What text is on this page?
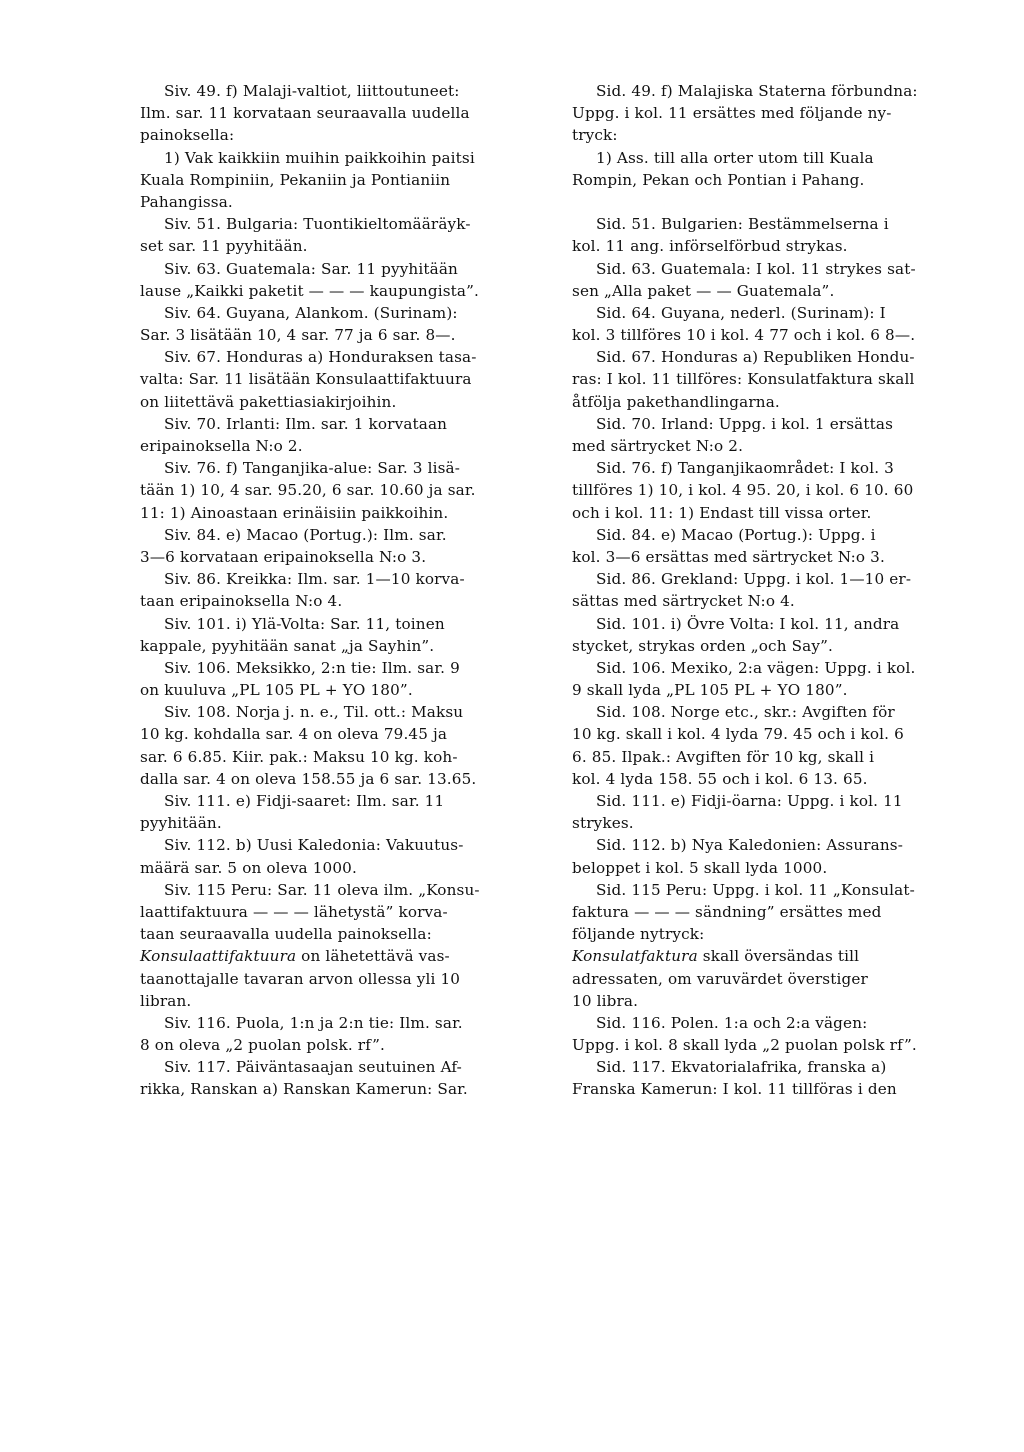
Siv. 49. f) Malaji-valtiot, liittoutuneet:
Ilm. sar. 11 korvataan seuraavalla uudella
painoksella:
1) Vak kaikkiin muihin paikkoihin paitsi
Kuala Rompiniin, Pekaniin ja Pontianiin
Pahangissa.
Siv. 51. Bulgaria: Tuontikieltomääräyk-
set sar. 11 pyyhitään.
Siv. 63. Guatemala: Sar. 11 pyyhitään
lause „Kaikki paketit — — — kaupungista”.
Siv. 64. Guyana, Alankom. (Surinam):
Sar. 3 lisätään 10, 4 sar. 77 ja 6 sar. 8—.
Siv. 67. Honduras a) Honduraksen tasa-
valta: Sar. 11 lisätään Konsulaattifaktuura
on liitettävä pakettiasiakirjoihin.
Siv. 70. Irlanti: Ilm. sar. 1 korvataan
eripainoksella N:o 2.
Siv. 76. f) Tanganjika-alue: Sar. 3 lisä-
tään 1) 10, 4 sar. 95.20, 6 sar. 10.60 ja sar.
11: 1) Ainoastaan erinäisiin paikkoihin.
Siv. 84. e) Macao (Portug.): Ilm. sar.
3—6 korvataan eripainoksella N:o 3.
Siv. 86. Kreikka: Ilm. sar. 1—10 korva-
taan eripainoksella N:o 4.
Siv. 101. i) Ylä-Volta: Sar. 11, toinen
kappale, pyyhitään sanat „ja Sayhin”.
Siv. 106. Meksikko, 2:n tie: Ilm. sar. 9
on kuuluva „PL 105 PL + YO 180”.
Siv. 108. Norja j. n. e., Til. ott.: Maksu
10 kg. kohdalla sar. 4 on oleva 79.45 ja
sar. 6 6.85. Kiir. pak.: Maksu 10 kg. koh-
dalla sar. 4 on oleva 158.55 ja 6 sar. 13.65.
Siv. 111. e) Fidji-saaret: Ilm. sar. 11
pyyhitään.
Siv. 112. b) Uusi Kaledonia: Vakuutus-
määrä sar. 5 on oleva 1000.
Siv. 115 Peru: Sar. 11 oleva ilm. „Konsu-
laattifaktuura — — — lähetystä” korva-
taan seuraavalla uudella painoksella:
Konsulaattifaktuura on lähetettävä vas-
taanottajalle tavaran arvon ollessa yli 10
libran.
Siv. 116. Puola, 1:n ja 2:n tie: Ilm. sar.
8 on oleva „2 puolan polsk. rf”.
Siv. 117. Päiväntasaajan seutuinen Af-
rikka, Ranskan a) Ranskan Kamerun: Sar.
Sid. 49. f) Malajiska Staterna förbundna:
Uppg. i kol. 11 ersättes med följande ny-
tryck:
1) Ass. till alla orter utom till Kuala
Rompin, Pekan och Pontian i Pahang.
Sid. 51. Bulgarien: Bestämmelserna i
kol. 11 ang. införselförbud strykas.
Sid. 63. Guatemala: I kol. 11 strykes sat-
sen „Alla paket — — Guatemala”.
Sid. 64. Guyana, nederl. (Surinam): I
kol. 3 tillföres 10 i kol. 4 77 och i kol. 6 8—.
Sid. 67. Honduras a) Republiken Hondu-
ras: I kol. 11 tillföres: Konsulatfaktura skall
åtfölja pakethandlingarna.
Sid. 70. Irland: Uppg. i kol. 1 ersättas
med särtrycket N:o 2.
Sid. 76. f) Tanganjikaområdet: I kol. 3
tillföres 1) 10, i kol. 4 95. 20, i kol. 6 10. 60
och i kol. 11: 1) Endast till vissa orter.
Sid. 84. e) Macao (Portug.): Uppg. i
kol. 3—6 ersättas med särtrycket N:o 3.
Sid. 86. Grekland: Uppg. i kol. 1—10 er-
sättas med särtrycket N:o 4.
Sid. 101. i) Övre Volta: I kol. 11, andra
stycket, strykas orden „och Say”.
Sid. 106. Mexiko, 2:a vägen: Uppg. i kol.
9 skall lyda „PL 105 PL + YO 180”.
Sid. 108. Norge etc., skr.: Avgiften för
10 kg. skall i kol. 4 lyda 79. 45 och i kol. 6
6. 85. Ilpak.: Avgiften för 10 kg, skall i
kol. 4 lyda 158. 55 och i kol. 6 13. 65.
Sid. 111. e) Fidji-öarna: Uppg. i kol. 11
strykes.
Sid. 112. b) Nya Kaledonien: Assurans-
beloppet i kol. 5 skall lyda 1000.
Sid. 115 Peru: Uppg. i kol. 11 „Konsulat-
faktura — — — sändning” ersättes med
följande nytryck:
Konsulatfaktura skall översändas till
adressaten, om varuvärdet överstiger
10 libra.
Sid. 116. Polen. 1:a och 2:a vägen:
Uppg. i kol. 8 skall lyda „2 puolan polsk rf”.
Sid. 117. Ekvatorialafrika, franska a)
Franska Kamerun: I kol. 11 tillföras i den
